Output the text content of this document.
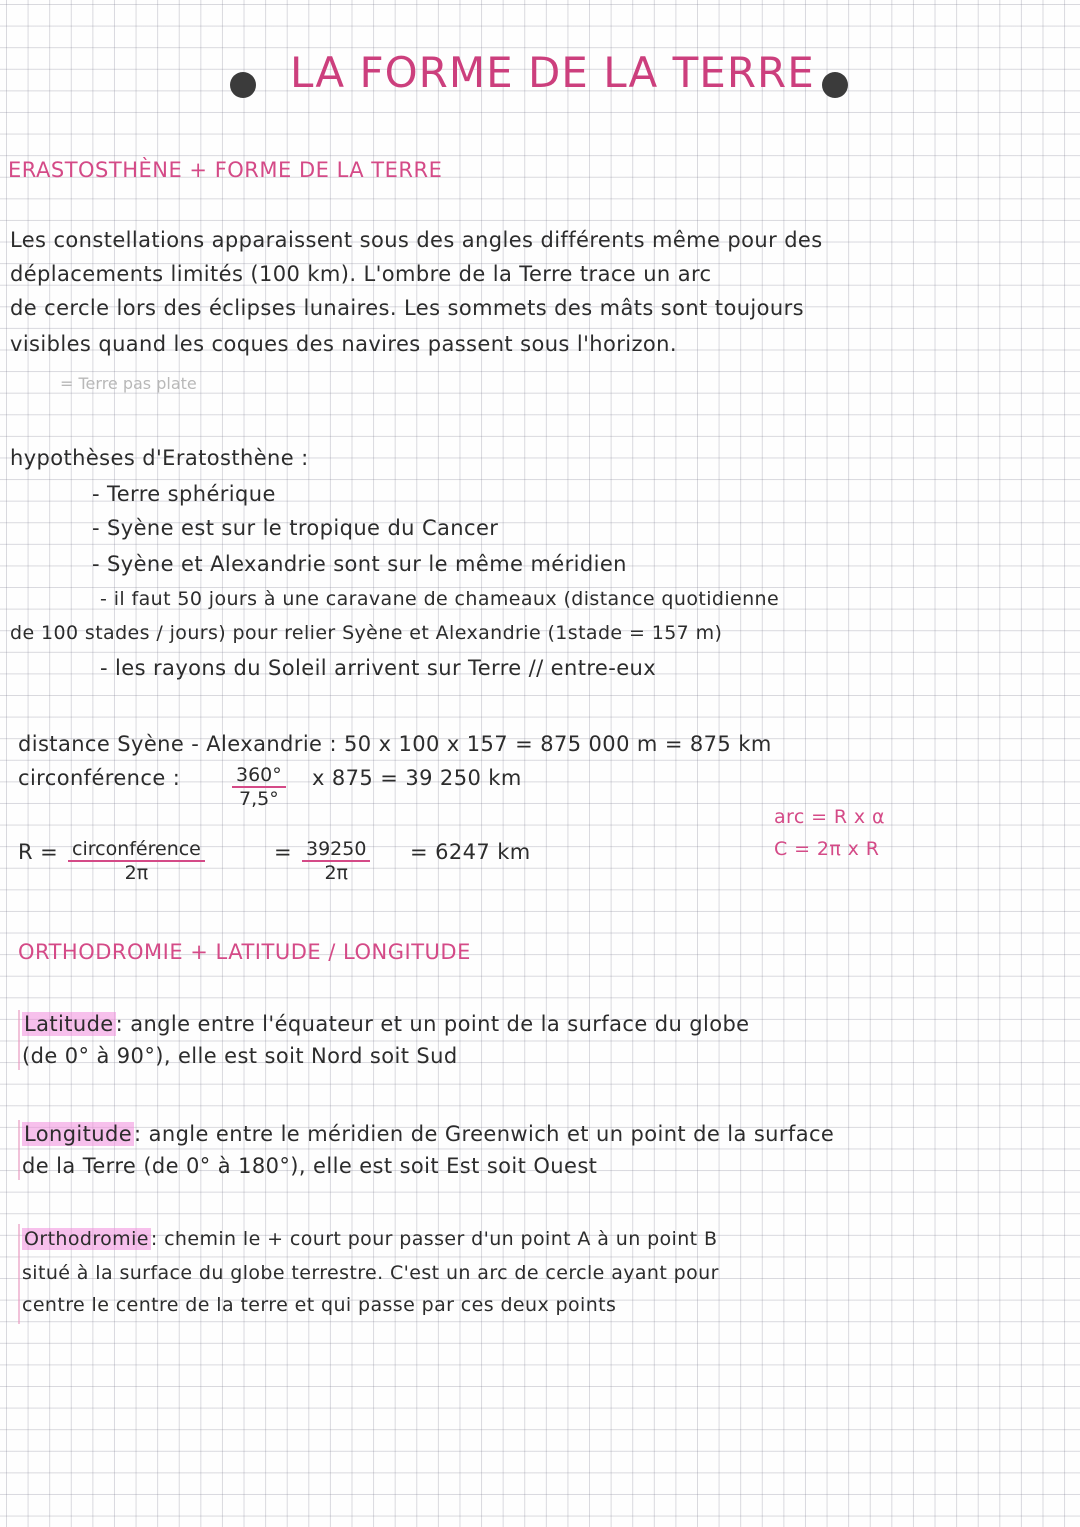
LA FORME DE LA TERRE
ERASTOSTHÈNE + FORME DE LA TERRE
Les constellations apparaissent sous des angles différents même pour des
déplacements limités (100 km). L'ombre de la Terre trace un arc
de cercle lors des éclipses lunaires. Les sommets des mâts sont toujours
visibles quand les coques des navires passent sous l'horizon.
= Terre pas plate
hypothèses d'Eratosthène :
- Terre sphérique
- Syène est sur le tropique du Cancer
- Syène et Alexandrie sont sur le même méridien
- il faut 50 jours à une caravane de chameaux (distance quotidienne
de 100 stades / jours) pour relier Syène et Alexandrie (1stade = 157 m)
- les rayons du Soleil arrivent sur Terre // entre-eux
distance Syène - Alexandrie : 50 x 100 x 157 = 875 000 m = 875 km
circonférence :	$\frac{360^\circ}{7,5^\circ}$ x 875 = 39 250 km
R = circonférence
2π
= $\frac{39250}{2\pi} = 6247$ km
arc = R x α
C = 2π x R
ORTHODROMIE + LATITUDE / LONGITUDE
Latitude: angle entre l'équateur et un point de la surface du globe
(de 0° à 90°), elle est soit Nord soit Sud
Longitude: angle entre le méridien de Greenwich et un point de la surface
de la Terre (de 0° à 180°), elle est soit Est soit Ouest
Orthodromie : chemin le + court pour passer d'un point A à un point B
situé à la surface du globe terrestre. C'est un arc de cercle ayant pour
centre le centre de la terre et qui passe par ces deux points
